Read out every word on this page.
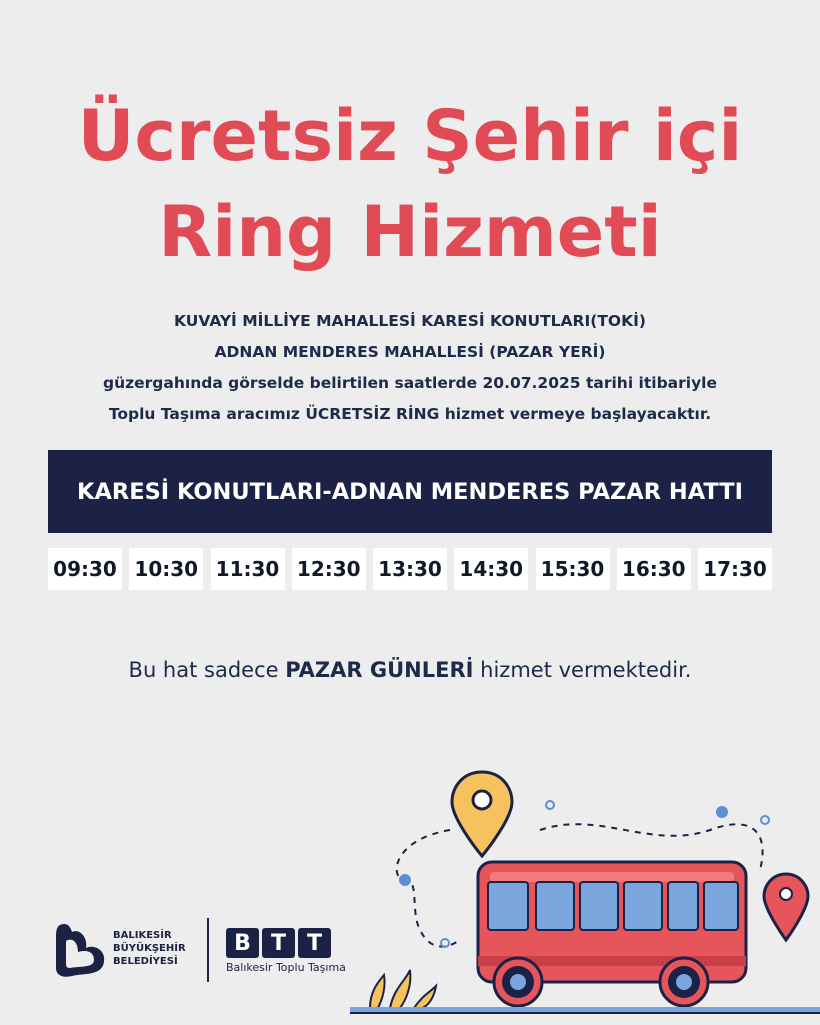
Ücretsiz Şehir içi
Ring Hizmeti
KUVAYİ MİLLİYE MAHALLESİ KARESİ KONUTLARI(TOKİ)
ADNAN MENDERES MAHALLESİ (PAZAR YERİ)
güzergahında görselde belirtilen saatlerde 20.07.2025 tarihi itibariyle
Toplu Taşıma aracımız ÜCRETSİZ RİNG hizmet vermeye başlayacaktır.
KARESİ KONUTLARI-ADNAN MENDERES PAZAR HATTI
09:30 10:30 11:30 12:30 13:30 14:30 15:30 16:30 17:30
Bu hat sadece PAZAR GÜNLERİ hizmet vermektedir.
BALIKESİR
BÜYÜKŞEHİR
BELEDİYESİ
B T T
Balıkesir Toplu Taşıma
